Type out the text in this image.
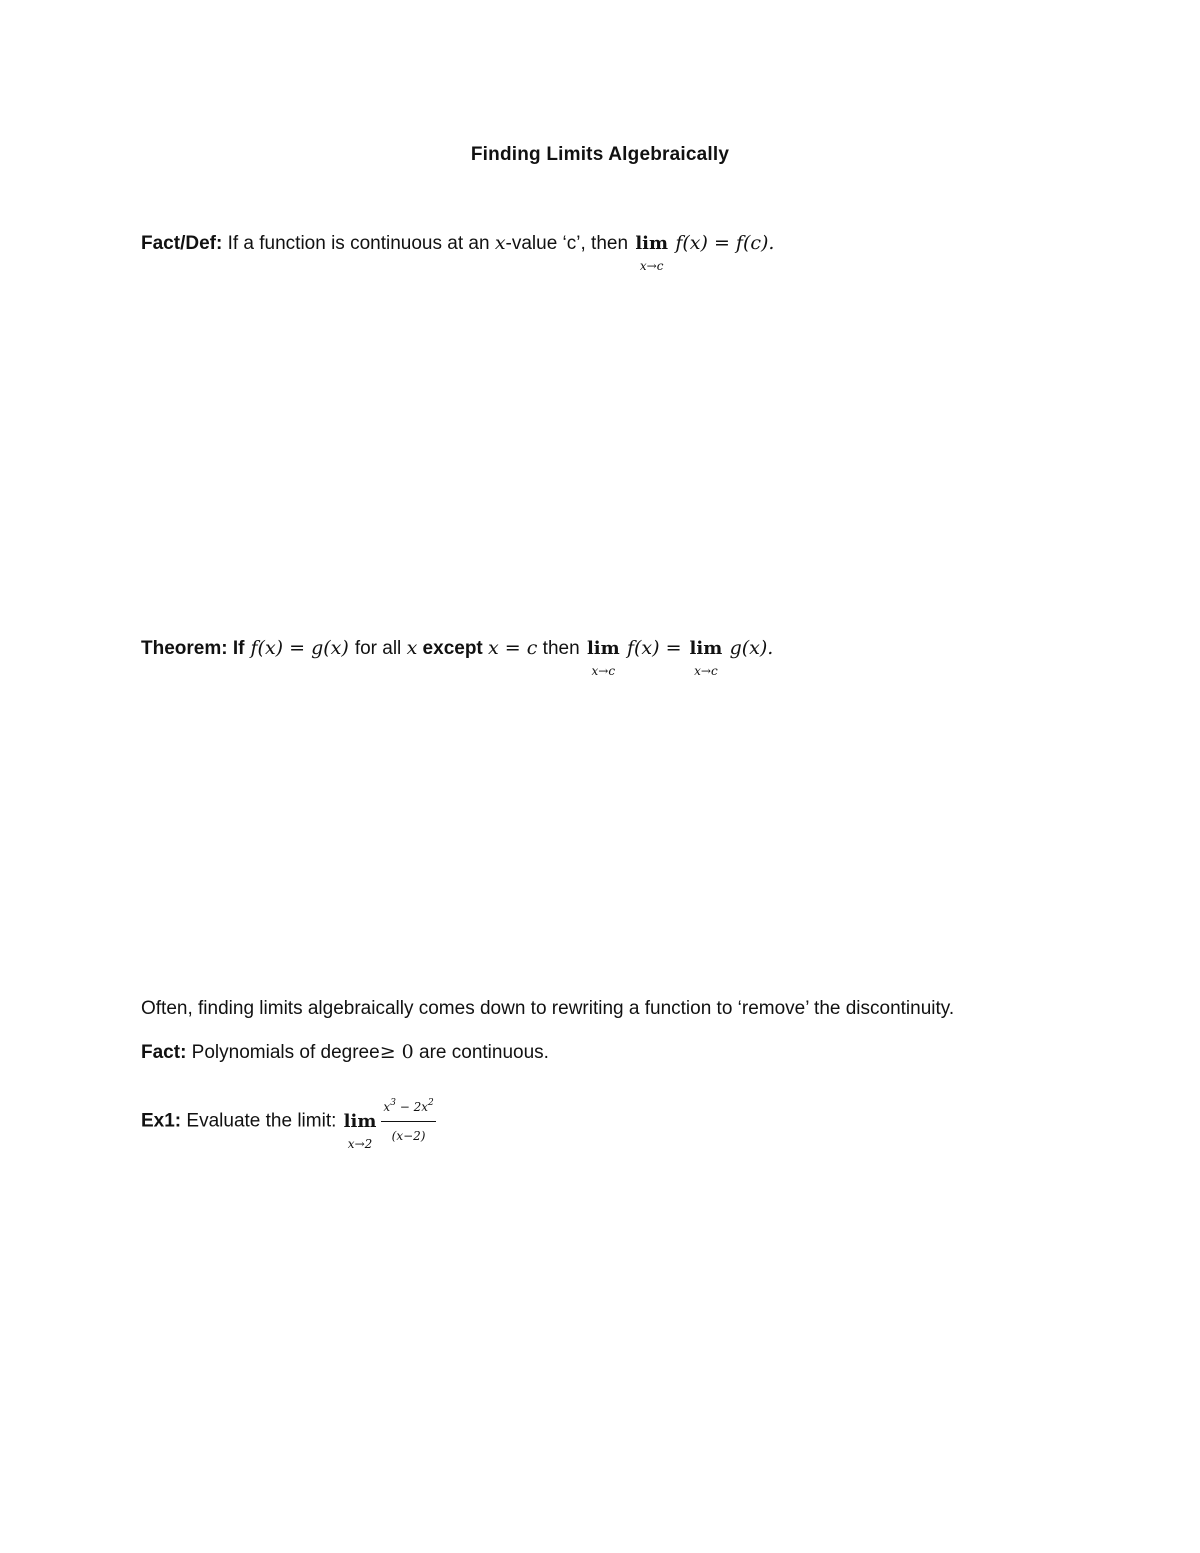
Finding Limits Algebraically
Fact/Def: If a function is continuous at an x-value ‘c’, then lim
x→c
f(x) = f(c).
Theorem: If f(x) = g(x) for all x except x = c then lim
x→c
f(x) = lim
x→c
g(x).
Often, finding limits algebraically comes down to rewriting a function to ‘remove’ the discontinuity.
Fact: Polynomials of degree≥ 0 are continuous.
Ex1: Evaluate the limit: lim
$x\to 2 \frac{x^3 - 2x^2}{(x-2)}$
